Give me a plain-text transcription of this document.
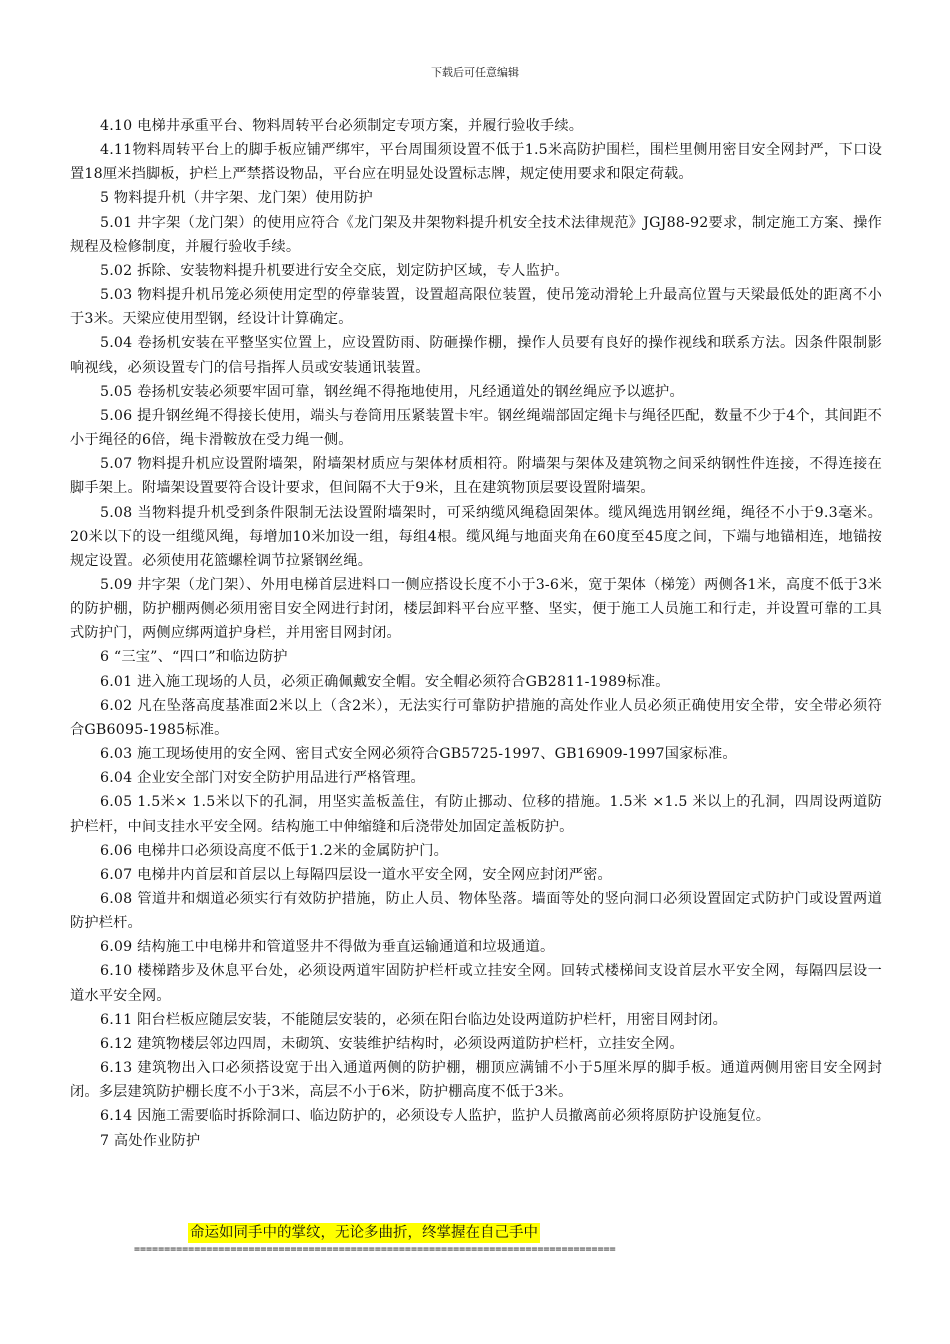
下载后可任意编辑

4.10 电梯井承重平台、物料周转平台必须制定专项方案，并履行验收手续。

4.11物料周转平台上的脚手板应铺严绑牢，平台周围须设置不低于1.5米高防护围栏，围栏里侧用密目安全网封严，下口设置18厘米挡脚板，护栏上严禁搭设物品，平台应在明显处设置标志牌，规定使用要求和限定荷载。

5 物料提升机（井字架、龙门架）使用防护

5.01 井字架（龙门架）的使用应符合《龙门架及井架物料提升机安全技术法律规范》JGJ88-92要求，制定施工方案、操作规程及检修制度，并履行验收手续。

5.02 拆除、安装物料提升机要进行安全交底，划定防护区域，专人监护。

5.03 物料提升机吊笼必须使用定型的停靠装置，设置超高限位装置，使吊笼动滑轮上升最高位置与天梁最低处的距离不小于3米。天梁应使用型钢，经设计计算确定。

5.04 卷扬机安装在平整坚实位置上，应设置防雨、防砸操作棚，操作人员要有良好的操作视线和联系方法。因条件限制影响视线，必须设置专门的信号指挥人员或安装通讯装置。

5.05 卷扬机安装必须要牢固可靠，钢丝绳不得拖地使用，凡经通道处的钢丝绳应予以遮护。

5.06 提升钢丝绳不得接长使用，端头与卷筒用压紧装置卡牢。钢丝绳端部固定绳卡与绳径匹配，数量不少于4个，其间距不小于绳径的6倍，绳卡滑鞍放在受力绳一侧。

5.07 物料提升机应设置附墙架，附墙架材质应与架体材质相符。附墙架与架体及建筑物之间采纳钢性件连接，不得连接在脚手架上。附墙架设置要符合设计要求，但间隔不大于9米，且在建筑物顶层要设置附墙架。

5.08 当物料提升机受到条件限制无法设置附墙架时，可采纳缆风绳稳固架体。缆风绳选用钢丝绳，绳径不小于9.3毫米。20米以下的设一组缆风绳，每增加10米加设一组，每组4根。缆风绳与地面夹角在60度至45度之间，下端与地锚相连，地锚按规定设置。必须使用花篮螺栓调节拉紧钢丝绳。

5.09 井字架（龙门架）、外用电梯首层进料口一侧应搭设长度不小于3-6米，宽于架体（梯笼）两侧各1米，高度不低于3米的防护棚，防护棚两侧必须用密目安全网进行封闭，楼层卸料平台应平整、坚实，便于施工人员施工和行走，并设置可靠的工具式防护门，两侧应绑两道护身栏，并用密目网封闭。

6 “三宝”、“四口”和临边防护

6.01 进入施工现场的人员，必须正确佩戴安全帽。安全帽必须符合GB2811-1989标准。

6.02 凡在坠落高度基准面2米以上（含2米），无法实行可靠防护措施的高处作业人员必须正确使用安全带，安全带必须符合GB6095-1985标准。

6.03 施工现场使用的安全网、密目式安全网必须符合GB5725-1997、GB16909-1997国家标准。

6.04 企业安全部门对安全防护用品进行严格管理。

6.05 1.5米× 1.5米以下的孔洞，用坚实盖板盖住，有防止挪动、位移的措施。1.5米 ×1.5 米以上的孔洞，四周设两道防护栏杆，中间支挂水平安全网。结构施工中伸缩缝和后浇带处加固定盖板防护。

6.06 电梯井口必须设高度不低于1.2米的金属防护门。

6.07 电梯井内首层和首层以上每隔四层设一道水平安全网，安全网应封闭严密。

6.08 管道井和烟道必须实行有效防护措施，防止人员、物体坠落。墙面等处的竖向洞口必须设置固定式防护门或设置两道防护栏杆。

6.09 结构施工中电梯井和管道竖井不得做为垂直运输通道和垃圾通道。

6.10 楼梯踏步及休息平台处，必须设两道牢固防护栏杆或立挂安全网。回转式楼梯间支设首层水平安全网，每隔四层设一道水平安全网。

6.11 阳台栏板应随层安装，不能随层安装的，必须在阳台临边处设两道防护栏杆，用密目网封闭。

6.12 建筑物楼层邻边四周，未砌筑、安装维护结构时，必须设两道防护栏杆，立挂安全网。

6.13 建筑物出入口必须搭设宽于出入通道两侧的防护棚，棚顶应满铺不小于5厘米厚的脚手板。通道两侧用密目安全网封闭。多层建筑防护棚长度不小于3米，高层不小于6米，防护棚高度不低于3米。

6.14 因施工需要临时拆除洞口、临边防护的，必须设专人监护，监护人员撤离前必须将原防护设施复位。

7 高处作业防护

命运如同手中的掌纹，无论多曲折，终掌握在自己手中
================================================================================
